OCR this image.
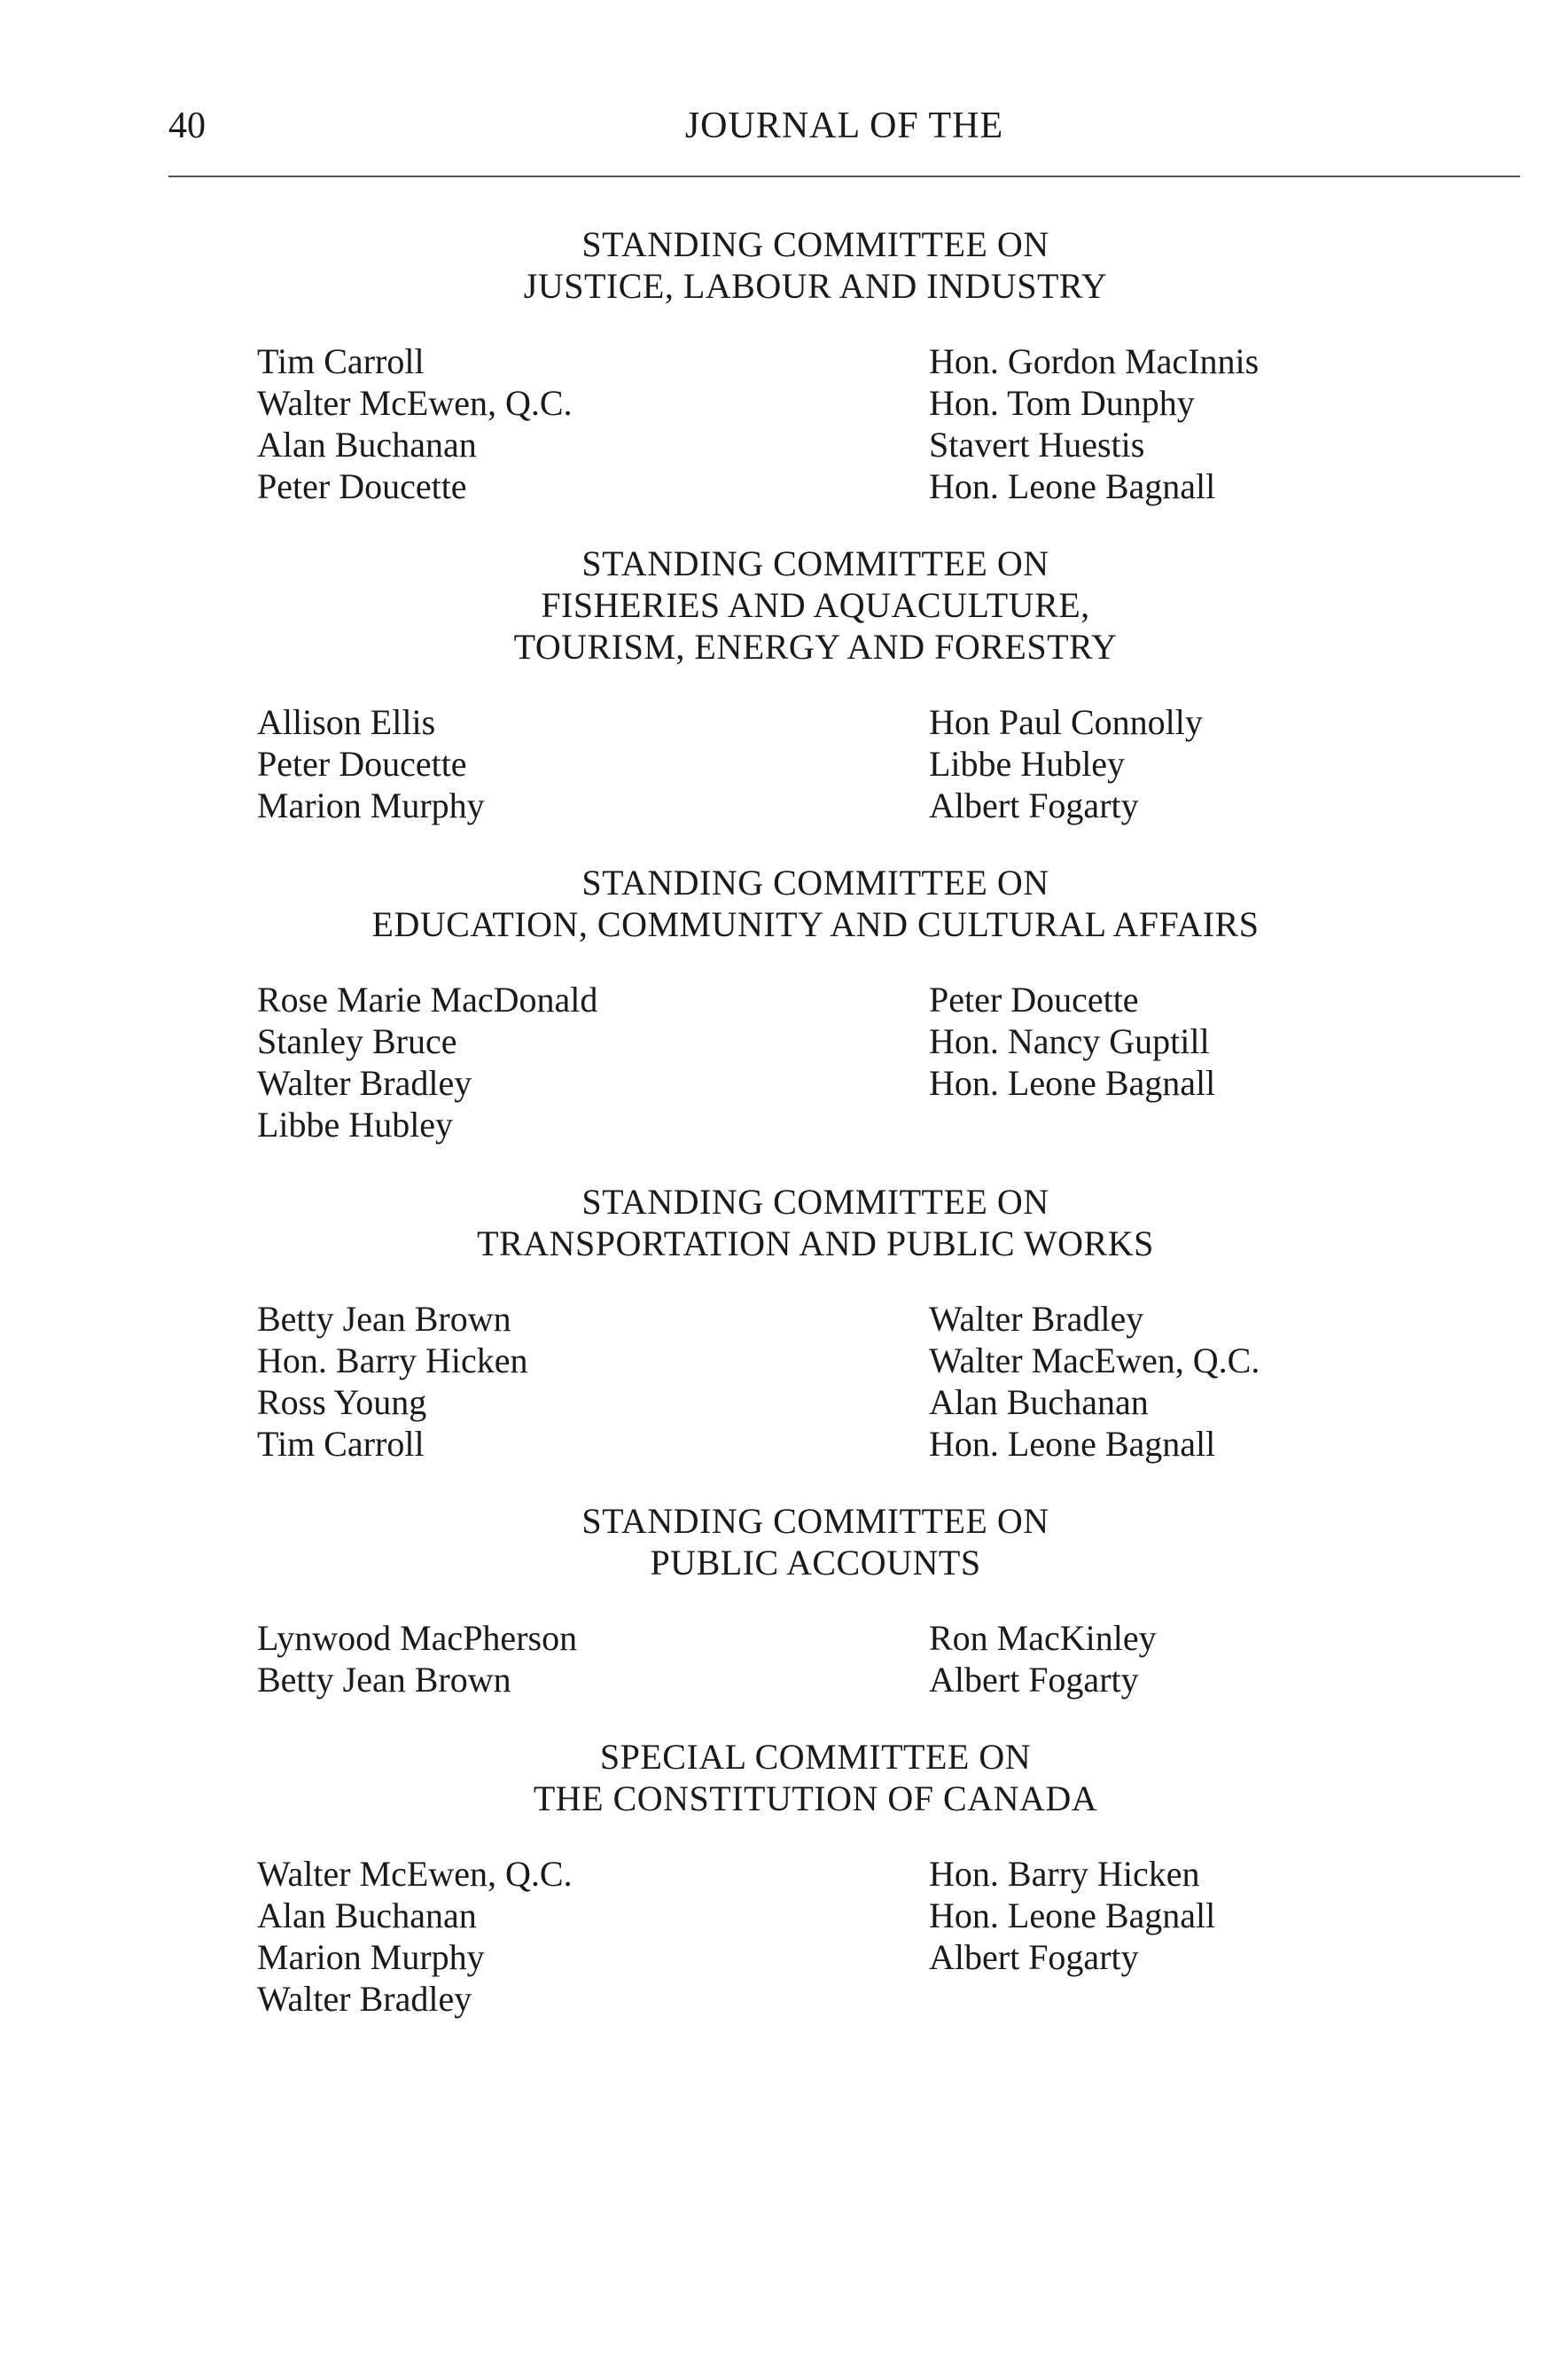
40	JOURNAL OF THE
STANDING COMMITTEE ON
JUSTICE, LABOUR AND INDUSTRY
Tim Carroll
Walter McEwen, Q.C.
Alan Buchanan
Peter Doucette
Hon. Gordon MacInnis
Hon. Tom Dunphy
Stavert Huestis
Hon. Leone Bagnall
STANDING COMMITTEE ON
FISHERIES AND AQUACULTURE,
TOURISM, ENERGY AND FORESTRY
Allison Ellis
Peter Doucette
Marion Murphy
Hon Paul Connolly
Libbe Hubley
Albert Fogarty
STANDING COMMITTEE ON
EDUCATION, COMMUNITY AND CULTURAL AFFAIRS
Rose Marie MacDonald
Stanley Bruce
Walter Bradley
Libbe Hubley
Peter Doucette
Hon. Nancy Guptill
Hon. Leone Bagnall
STANDING COMMITTEE ON
TRANSPORTATION AND PUBLIC WORKS
Betty Jean Brown
Hon. Barry Hicken
Ross Young
Tim Carroll
Walter Bradley
Walter MacEwen, Q.C.
Alan Buchanan
Hon. Leone Bagnall
STANDING COMMITTEE ON
PUBLIC ACCOUNTS
Lynwood MacPherson
Betty Jean Brown
Ron MacKinley
Albert Fogarty
SPECIAL COMMITTEE ON
THE CONSTITUTION OF CANADA
Walter McEwen, Q.C.
Alan Buchanan
Marion Murphy
Walter Bradley
Hon. Barry Hicken
Hon. Leone Bagnall
Albert Fogarty
